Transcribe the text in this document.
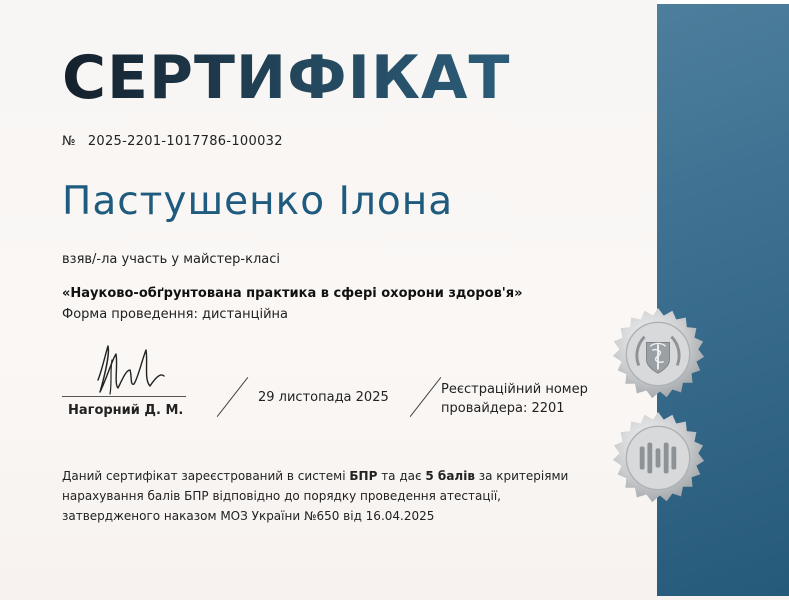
СЕРТИФІКАТ
№ 2025-2201-1017786-100032
Пастушенко Ілона
взяв/-ла участь у майстер-класі
«Науково-обґрунтована практика в сфері охорони здоров'я»
Форма проведення: дистанційна
Нагорний Д. М.
29 листопада 2025
Реєстраційний номер
провайдера: 2201
Даний сертифікат зареєстрований в системі БПР та дає 5 балів за критеріями нарахування балів БПР відповідно до порядку проведення атестації, затвердженого наказом МОЗ України №650 від 16.04.2025
